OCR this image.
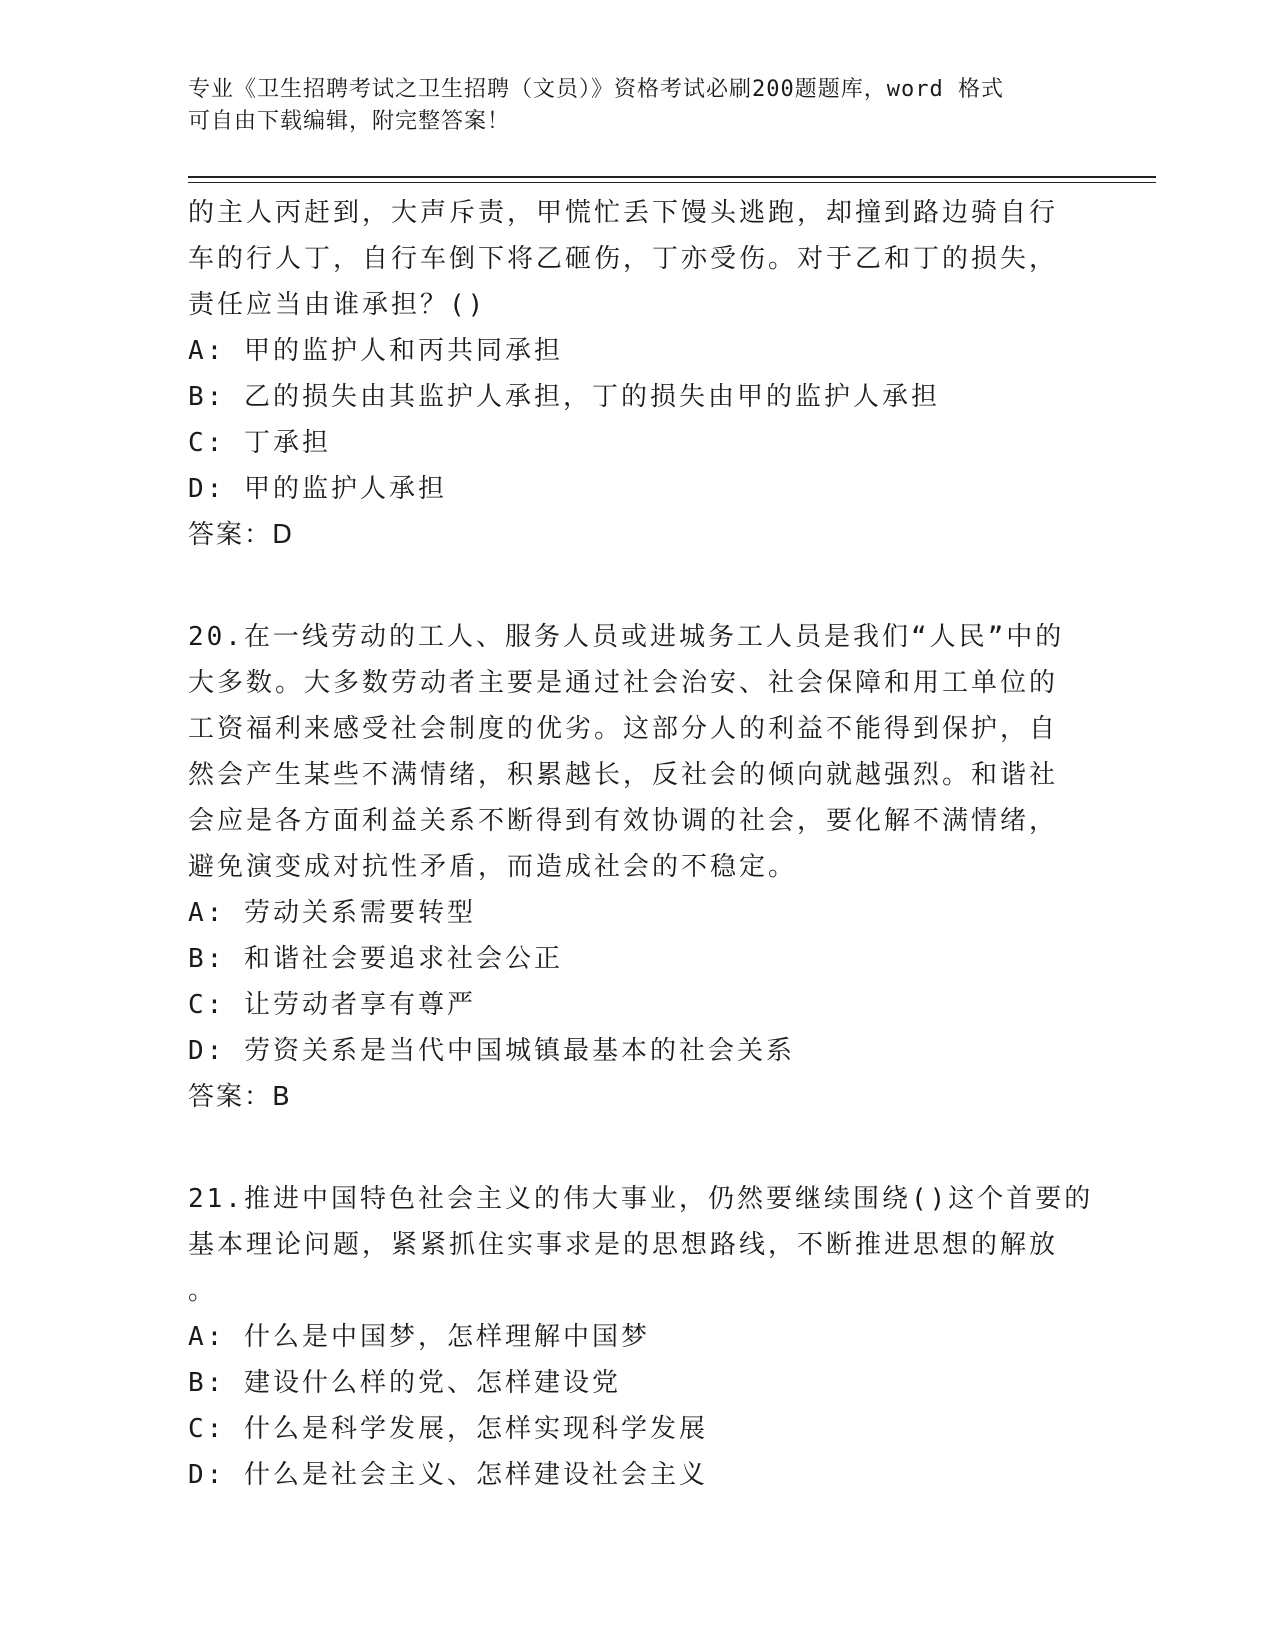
专业《卫生招聘考试之卫生招聘（文员）》资格考试必刷200题题库，word 格式
可自由下载编辑，附完整答案！
的主人丙赶到，大声斥责，甲慌忙丢下馒头逃跑，却撞到路边骑自行
车的行人丁，自行车倒下将乙砸伤，丁亦受伤。对于乙和丁的损失，
责任应当由谁承担？()
A: 甲的监护人和丙共同承担
B: 乙的损失由其监护人承担，丁的损失由甲的监护人承担
C: 丁承担
D: 甲的监护人承担
答案：D
20.在一线劳动的工人、服务人员或进城务工人员是我们“人民”中的
大多数。大多数劳动者主要是通过社会治安、社会保障和用工单位的
工资福利来感受社会制度的优劣。这部分人的利益不能得到保护，自
然会产生某些不满情绪，积累越长，反社会的倾向就越强烈。和谐社
会应是各方面利益关系不断得到有效协调的社会，要化解不满情绪，
避免演变成对抗性矛盾，而造成社会的不稳定。
A: 劳动关系需要转型
B: 和谐社会要追求社会公正
C: 让劳动者享有尊严
D: 劳资关系是当代中国城镇最基本的社会关系
答案：B
21.推进中国特色社会主义的伟大事业，仍然要继续围绕()这个首要的
基本理论问题，紧紧抓住实事求是的思想路线，不断推进思想的解放
。
A: 什么是中国梦，怎样理解中国梦
B: 建设什么样的党、怎样建设党
C: 什么是科学发展，怎样实现科学发展
D: 什么是社会主义、怎样建设社会主义
